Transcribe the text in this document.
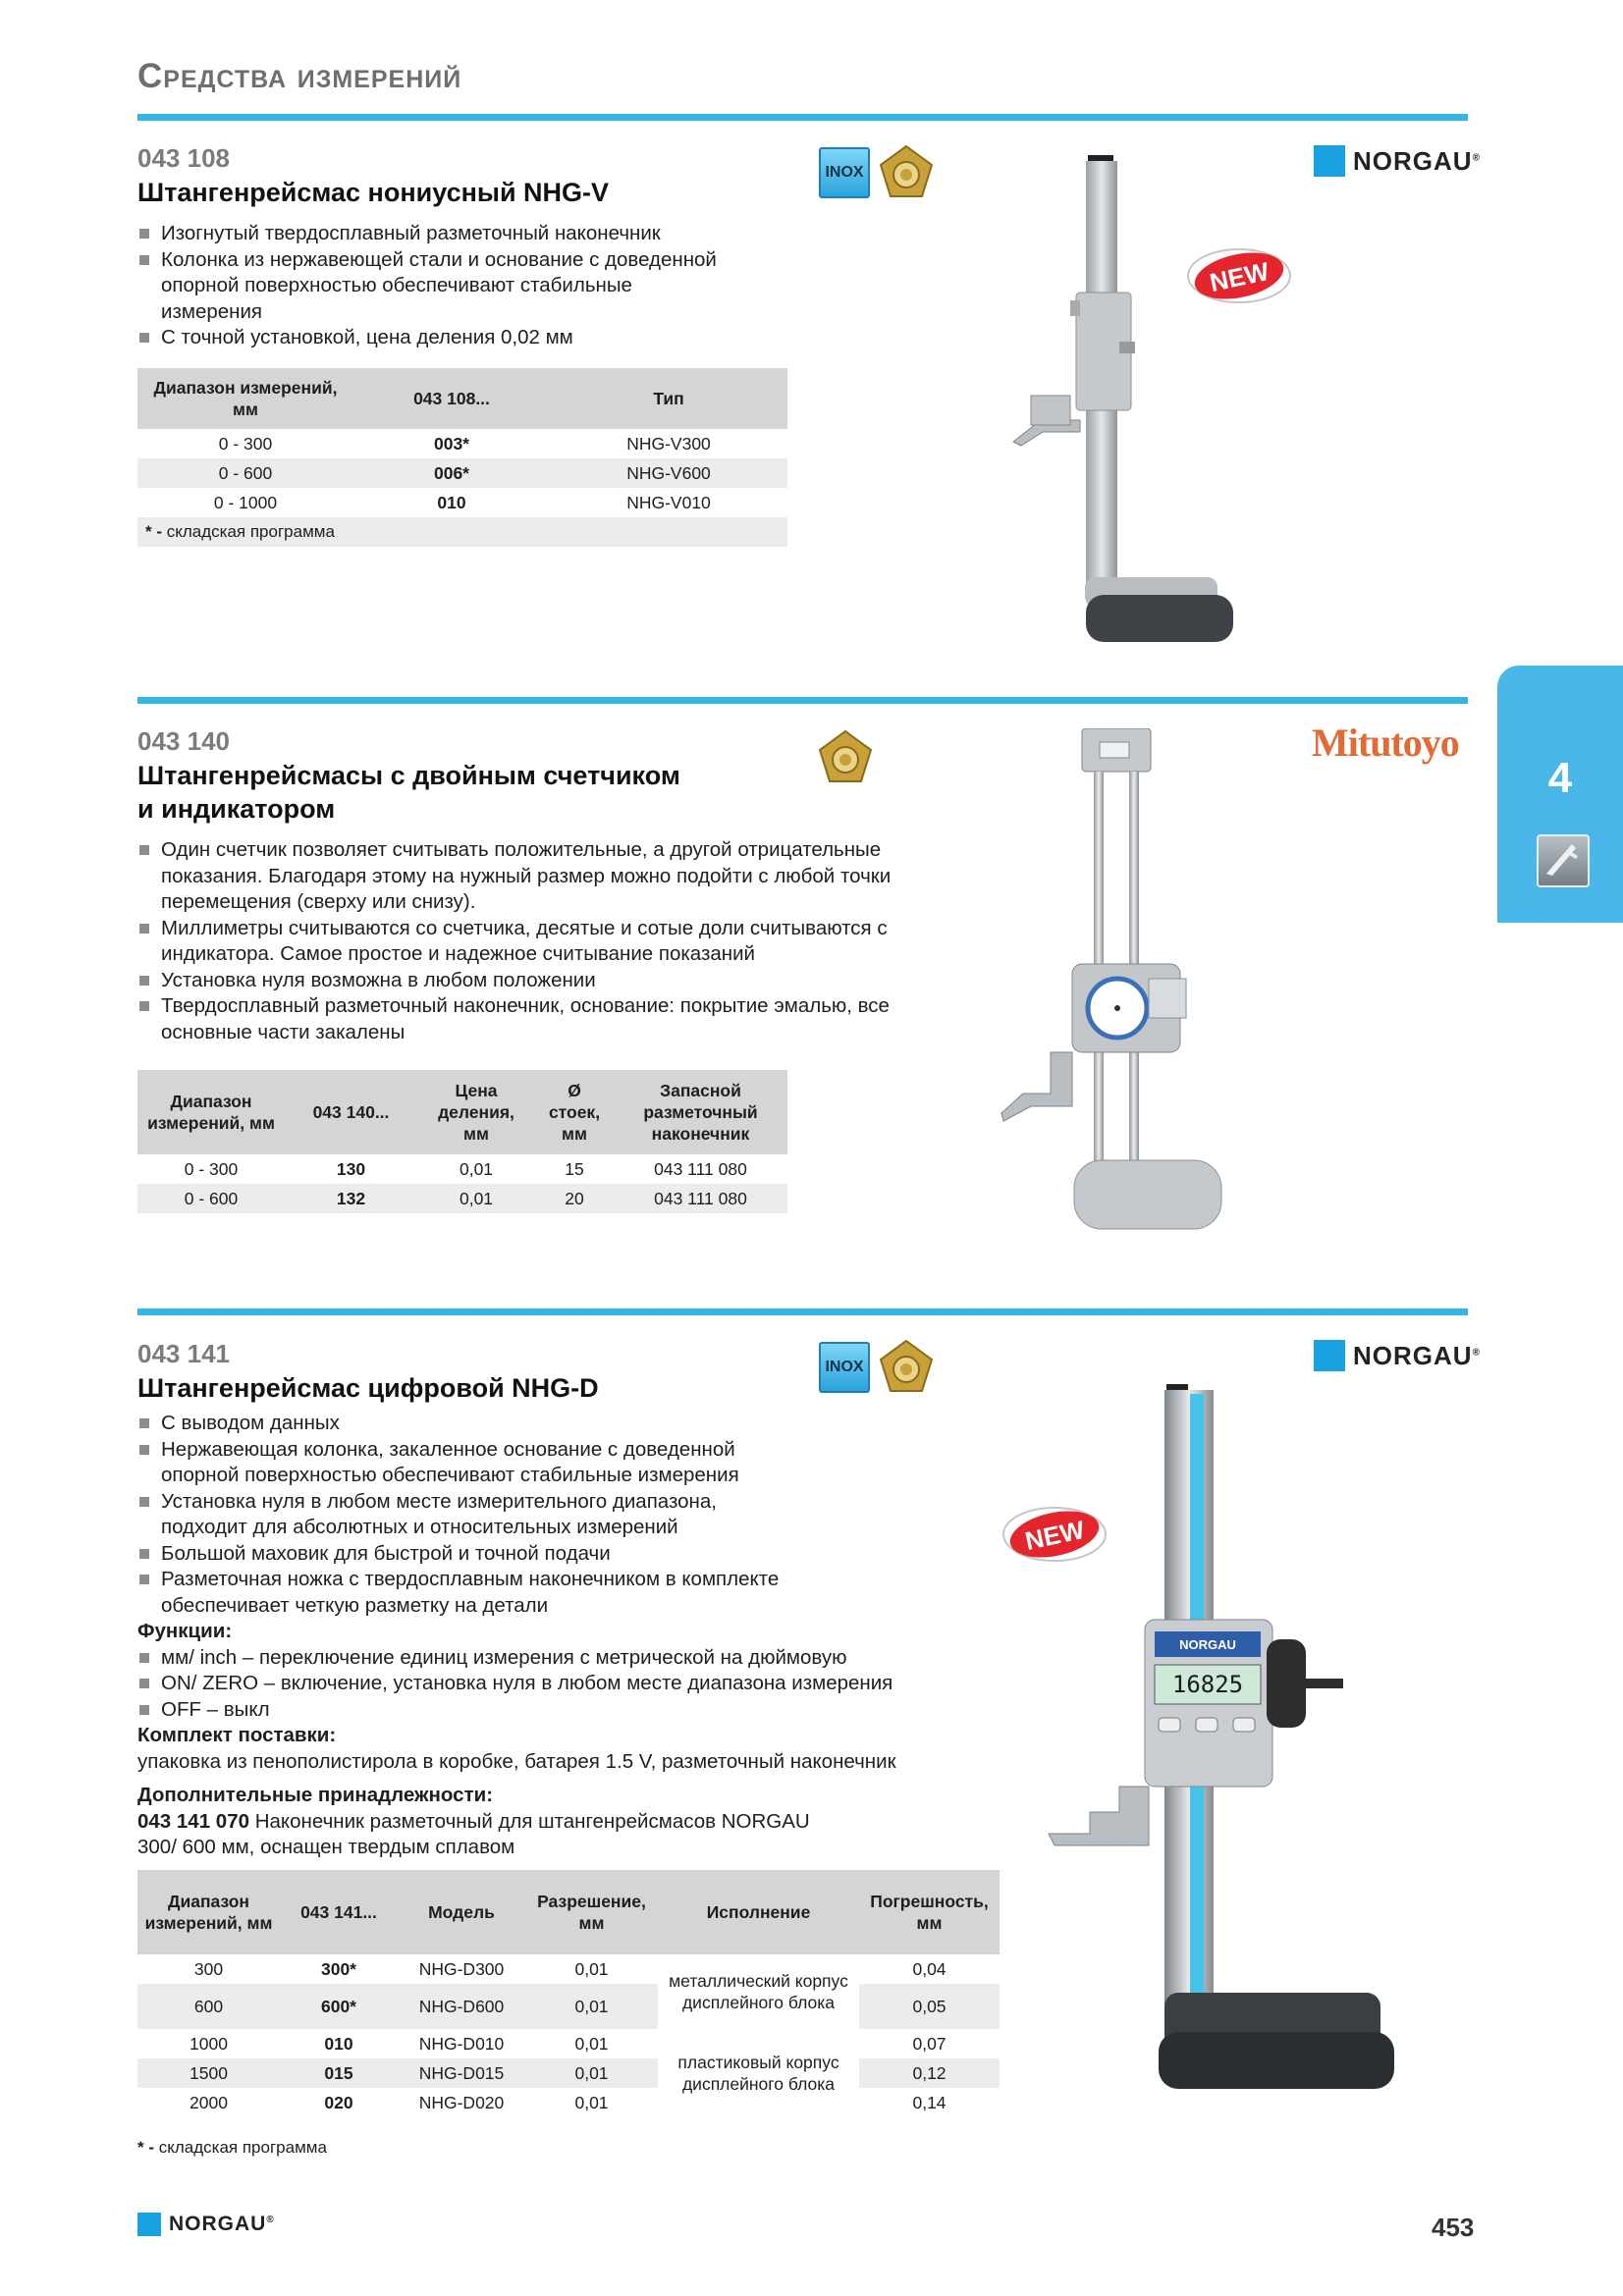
Средства измерений
4

043 108

Штангенрейсмас нониусный NHG-V

Изогнутый твердосплавный разметочный наконечник
Колонка из нержавеющей стали и основание с доведенной опорной поверхностью обеспечивают стабильные измерения
С точной установкой, цена деления 0,02 мм
Диапазон измерений, мм	043 108...	Тип
0 - 300	003*	NHG-V300
0 - 600	006*	NHG-V600
0 - 1000	010	NHG-V010
* - складская программа		
INOX	NORGAU®
NEW

043 140

Штангенрейсмасы с двойным счетчиком

и индикатором

Один счетчик позволяет считывать положительные, а другой отрицательные показания. Благодаря этому на нужный размер можно подойти с любой точки перемещения (сверху или снизу).
Миллиметры считываются со счетчика, десятые и сотые доли считываются с индикатора. Самое простое и надежное считывание показаний
Установка нуля возможна в любом положении
Твердосплавный разметочный наконечник, основание: покрытие эмалью, все основные части закалены
Диапазон измерений, мм	043 140...	Цена деления, мм	Ø стоек, мм	Запасной разметочный наконечник
0 - 300	130	0,01	15	043 111 080
0 - 600	132	0,01	20	043 111 080
Mitutoyo

043 141

Штангенрейсмас цифровой NHG-D

С выводом данных
Нержавеющая колонка, закаленное основание с доведенной опорной поверхностью обеспечивают стабильные измерения
Установка нуля в любом месте измерительного диапазона, подходит для абсолютных и относительных измерений
Большой маховик для быстрой и точной подачи
Разметочная ножка с твердосплавным наконечником в комплекте обеспечивает четкую разметку на детали

Функции:

мм/ inch – переключение единиц измерения с метрической на дюймовую
ON/ ZERO – включение, установка нуля в любом месте диапазона измерения
OFF – выкл

Комплект поставки:

упаковка из пенополистирола в коробке, батарея 1.5 V, разметочный наконечник

Дополнительные принадлежности:

043 141 070 Наконечник разметочный для штангенрейсмасов NORGAU

300/ 600 мм, оснащен твердым сплавом

Диапазон измерений, мм	043 141...	Модель	Разрешение, мм	Исполнение	Погрешность, мм
300	300*	NHG-D300	0,01	металлический корпус дисплейного блока	0,04
600	600*	NHG-D600	0,01		0,05
1000	010	NHG-D010	0,01	пластиковый корпус дисплейного блока	0,07
1500	015	NHG-D015	0,01		0,12
2000	020	NHG-D020	0,01		0,14

* - складская программа

INOX	NORGAU®
NEW
NORGAU
16825
NORGAU®	453
